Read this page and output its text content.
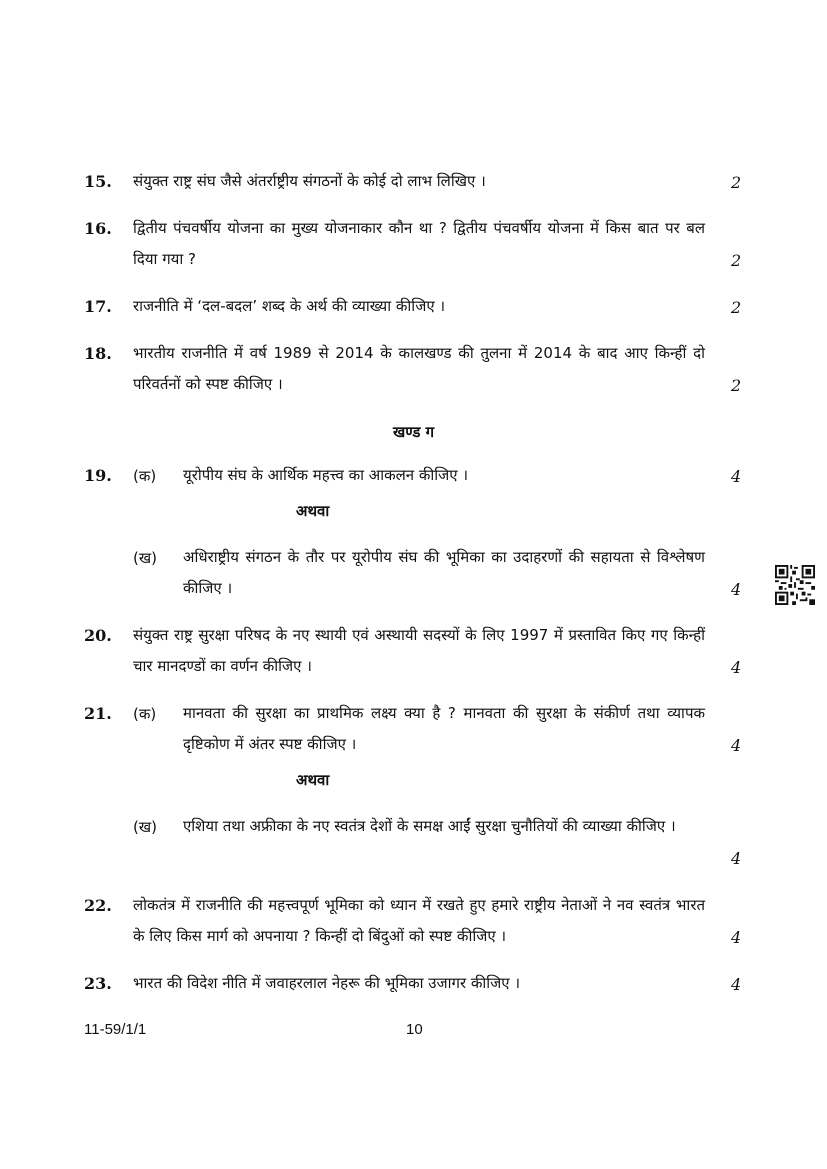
15. संयुक्त राष्ट्र संघ जैसे अंतर्राष्ट्रीय संगठनों के कोई दो लाभ लिखिए ।	2
16. द्वितीय पंचवर्षीय योजना का मुख्य योजनाकार कौन था ? द्वितीय पंचवर्षीय योजना में किस बात पर बल दिया गया ?	2
17. राजनीति में ‘दल-बदल’ शब्द के अर्थ की व्याख्या कीजिए ।	2
18. भारतीय राजनीति में वर्ष 1989 से 2014 के कालखण्ड की तुलना में 2014 के बाद आए किन्हीं दो परिवर्तनों को स्पष्ट कीजिए ।	2
खण्ड ग
19. (क) यूरोपीय संघ के आर्थिक महत्त्व का आकलन कीजिए ।	4
अथवा
(ख) अधिराष्ट्रीय संगठन के तौर पर यूरोपीय संघ की भूमिका का उदाहरणों की सहायता से विश्लेषण कीजिए ।	4
20. संयुक्त राष्ट्र सुरक्षा परिषद के नए स्थायी एवं अस्थायी सदस्यों के लिए 1997 में प्रस्तावित किए गए किन्हीं चार मानदण्डों का वर्णन कीजिए ।	4
21. (क) मानवता की सुरक्षा का प्राथमिक लक्ष्य क्या है ? मानवता की सुरक्षा के संकीर्ण तथा व्यापक दृष्टिकोण में अंतर स्पष्ट कीजिए ।	4
अथवा
(ख) एशिया तथा अफ्रीका के नए स्वतंत्र देशों के समक्ष आईं सुरक्षा चुनौतियों की व्याख्या कीजिए ।
4
22. लोकतंत्र में राजनीति की महत्त्वपूर्ण भूमिका को ध्यान में रखते हुए हमारे राष्ट्रीय नेताओं ने नव स्वतंत्र भारत के लिए किस मार्ग को अपनाया ? किन्हीं दो बिंदुओं को स्पष्ट कीजिए ।	4
23. भारत की विदेश नीति में जवाहरलाल नेहरू की भूमिका उजागर कीजिए ।	4
11-59/1/1	10
